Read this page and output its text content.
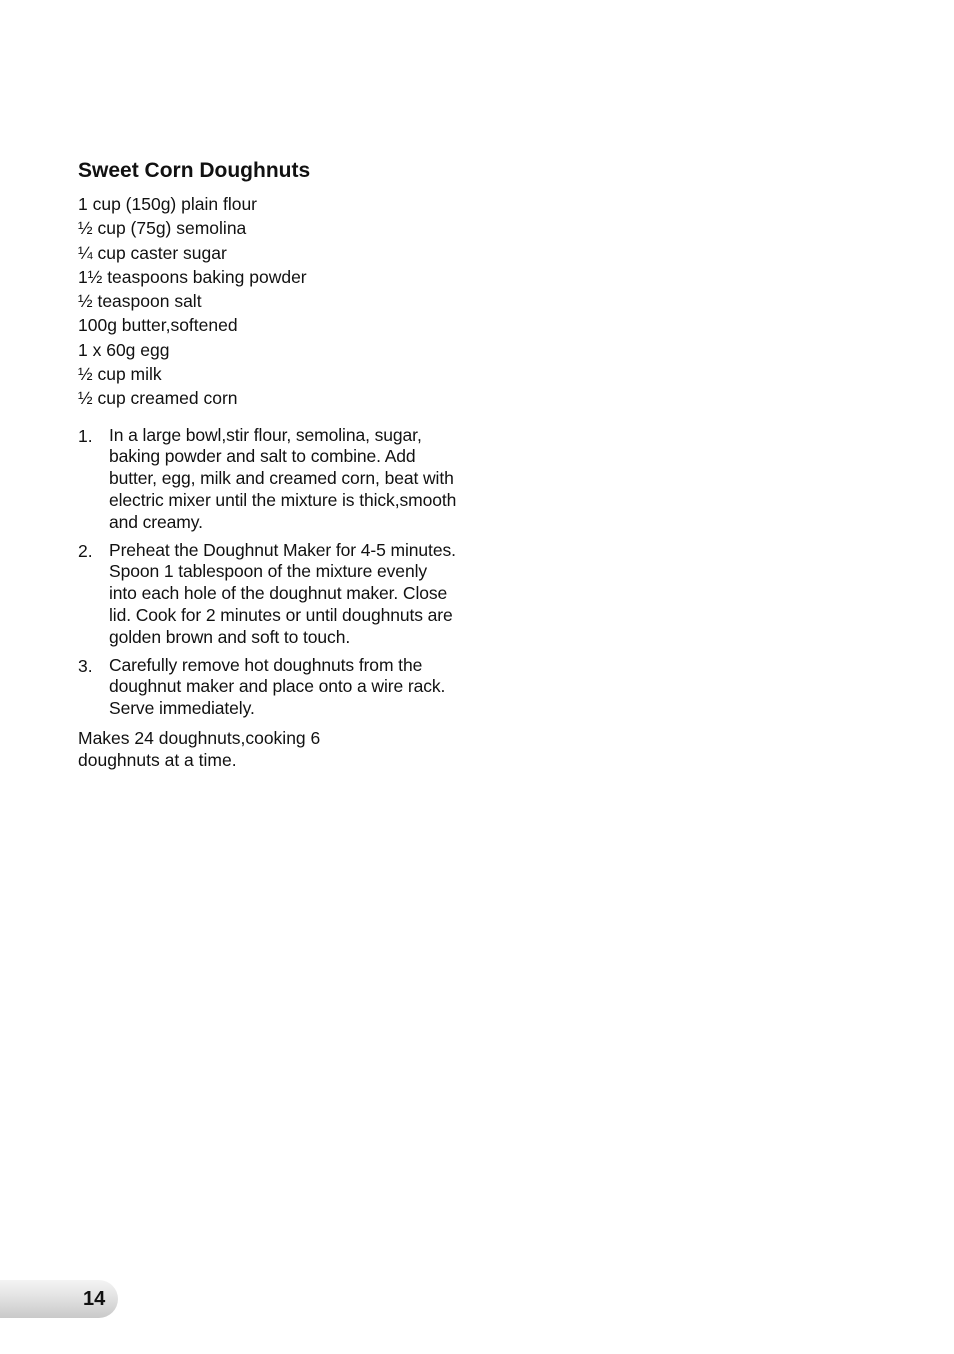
Sweet Corn Doughnuts
1 cup (150g) plain flour
½ cup (75g) semolina
¼ cup caster sugar
1½ teaspoons baking powder
½ teaspoon salt
100g butter,softened
1 x 60g egg
½ cup milk
½ cup creamed corn
1. In a large bowl,stir flour, semolina, sugar, baking powder and salt to combine. Add butter, egg, milk and creamed corn, beat with electric mixer until the mixture is thick,smooth and creamy.
2. Preheat the Doughnut Maker for 4-5 minutes. Spoon 1 tablespoon of the mixture evenly into each hole of the doughnut maker. Close lid. Cook for 2 minutes or until doughnuts are golden brown and soft to touch.
3. Carefully remove hot doughnuts from the doughnut maker and place onto a wire rack. Serve immediately.
Makes 24 doughnuts,cooking 6 doughnuts at a time.
14
